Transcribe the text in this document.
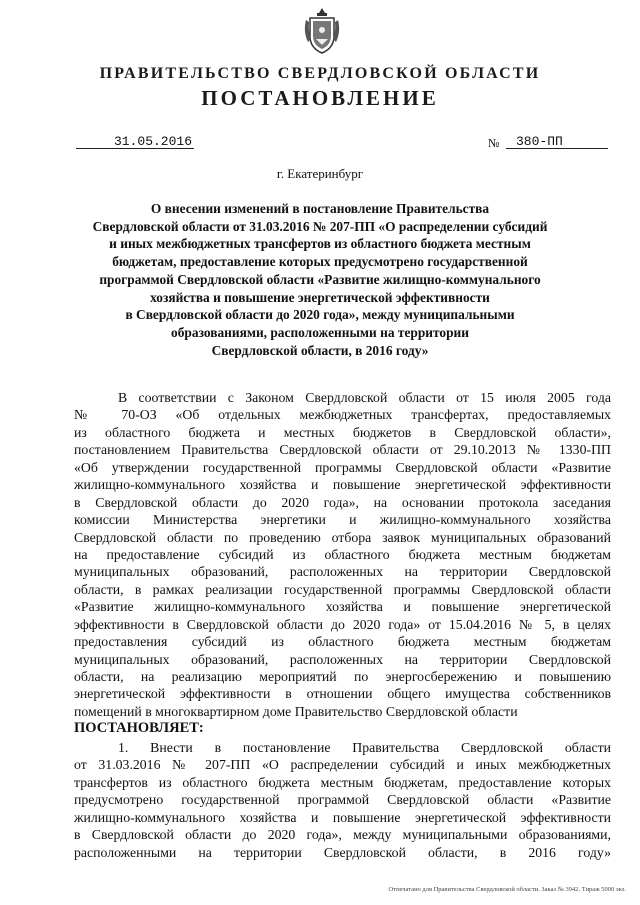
ПРАВИТЕЛЬСТВО СВЕРДЛОВСКОЙ ОБЛАСТИ
ПОСТАНОВЛЕНИЕ
31.05.2016	№ 380-ПП
г. Екатеринбург
О внесении изменений в постановление Правительства
Свердловской области от 31.03.2016 № 207-ПП «О распределении субсидий
и иных межбюджетных трансфертов из областного бюджета местным
бюджетам, предоставление которых предусмотрено государственной
программой Свердловской области «Развитие жилищно-коммунального
хозяйства и повышение энергетической эффективности
в Свердловской области до 2020 года», между муниципальными
образованиями, расположенными на территории
Свердловской области, в 2016 году»
В соответствии с Законом Свердловской области от 15 июля 2005 года
№ 70-ОЗ «Об отдельных межбюджетных трансфертах, предоставляемых
из областного бюджета и местных бюджетов в Свердловской области»,
постановлением Правительства Свердловской области от 29.10.2013 № 1330-ПП
«Об утверждении государственной программы Свердловской области «Развитие
жилищно-коммунального хозяйства и повышение энергетической эффективности
в Свердловской области до 2020 года», на основании протокола заседания
комиссии Министерства энергетики и жилищно-коммунального хозяйства
Свердловской области по проведению отбора заявок муниципальных образований
на предоставление субсидий из областного бюджета местным бюджетам
муниципальных образований, расположенных на территории Свердловской
области, в рамках реализации государственной программы Свердловской области
«Развитие жилищно-коммунального хозяйства и повышение энергетической
эффективности в Свердловской области до 2020 года» от 15.04.2016 № 5, в целях
предоставления субсидий из областного бюджета местным бюджетам
муниципальных образований, расположенных на территории Свердловской
области, на реализацию мероприятий по энергосбережению и повышению
энергетической эффективности в отношении общего имущества собственников
помещений в многоквартирном доме Правительство Свердловской области
ПОСТАНОВЛЯЕТ:
1. Внести в постановление Правительства Свердловской области
от 31.03.2016 № 207-ПП «О распределении субсидий и иных межбюджетных
трансфертов из областного бюджета местным бюджетам, предоставление которых
предусмотрено государственной программой Свердловской области «Развитие
жилищно-коммунального хозяйства и повышение энергетической эффективности
в Свердловской области до 2020 года», между муниципальными образованиями,
расположенными на территории Свердловской области, в 2016 году»
Отпечатано для Правительства Свердловской области. Заказ № 3942. Тираж 5000 экз.
